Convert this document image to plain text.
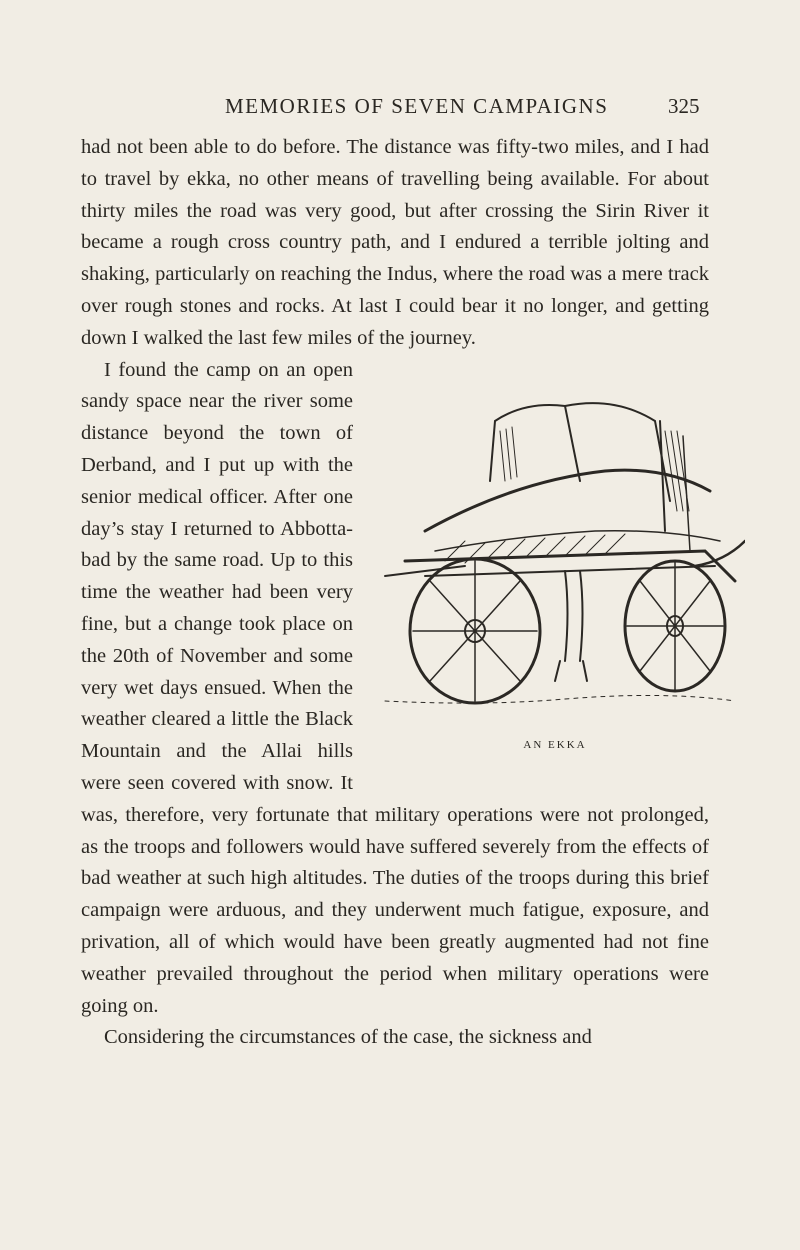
MEMORIES OF SEVEN CAMPAIGNS	325

had not been able to do before. The distance was fifty-two miles, and I had to travel by ekka, no other means of travelling being available. For about thirty miles the road was very good, but after crossing the Sirin River it became a rough cross country path, and I endured a terrible jolting and shaking, particularly on reaching the Indus, where the road was a mere track over rough stones and rocks. At last I could bear it no longer, and getting down I walked the last few miles of the journey.

AN EKKA

I found the camp on an open sandy space near the river some distance beyond the town of Derband, and I put up with the senior medical officer. After one day’s stay I returned to Abbotta-bad by the same road. Up to this time the weather had been very fine, but a change took place on the 20th of November and some very wet days ensued. When the weather cleared a little the Black Mountain and the Allai hills were seen covered with snow. It was, therefore, very fortunate that military operations were not prolonged, as the troops and followers would have suffered severely from the effects of bad weather at such high altitudes. The duties of the troops during this brief campaign were arduous, and they underwent much fatigue, exposure, and privation, all of which would have been greatly augmented had not fine weather prevailed throughout the period when military operations were going on.

Considering the circumstances of the case, the sickness and
